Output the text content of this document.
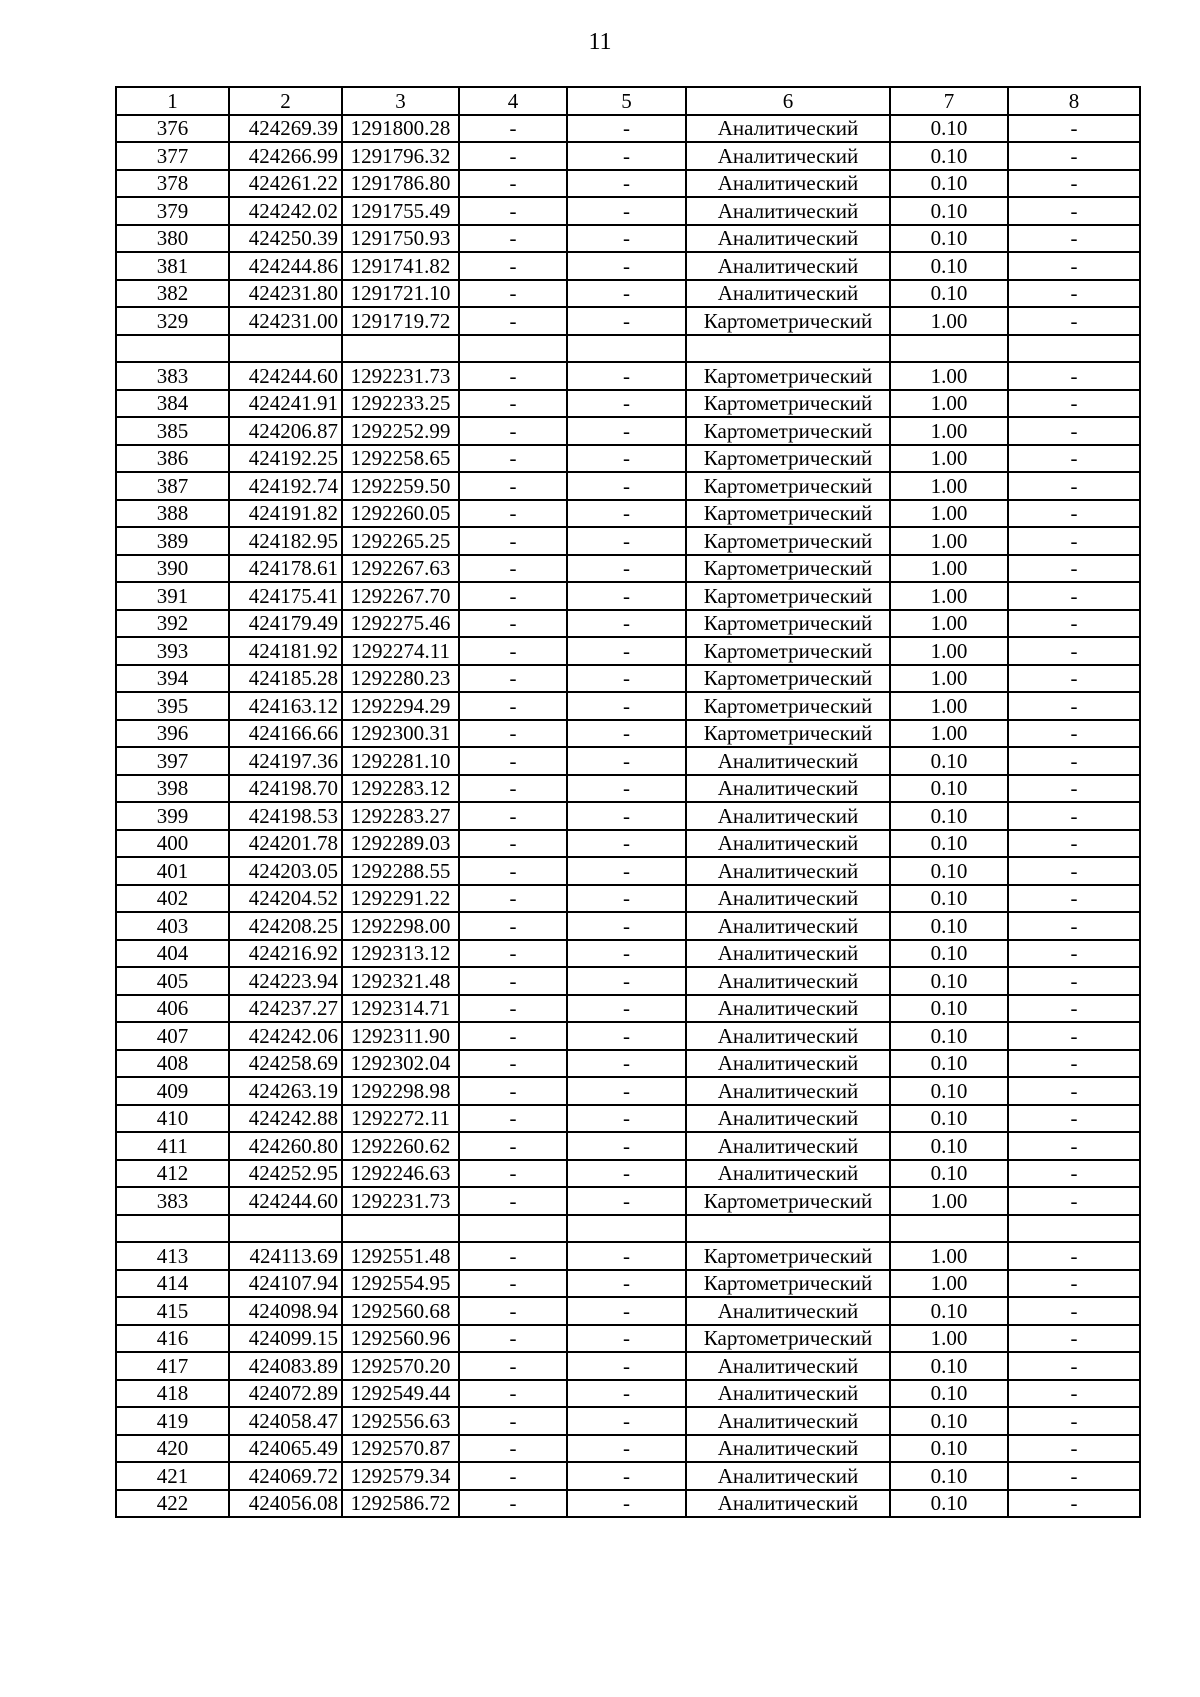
11
1	2	3	4	5	6	7	8
376	424269.39	1291800.28	-	-	Аналитический	0.10	-
377	424266.99	1291796.32	-	-	Аналитический	0.10	-
378	424261.22	1291786.80	-	-	Аналитический	0.10	-
379	424242.02	1291755.49	-	-	Аналитический	0.10	-
380	424250.39	1291750.93	-	-	Аналитический	0.10	-
381	424244.86	1291741.82	-	-	Аналитический	0.10	-
382	424231.80	1291721.10	-	-	Аналитический	0.10	-
329	424231.00	1291719.72	-	-	Картометрический	1.00	-

383	424244.60	1292231.73	-	-	Картометрический	1.00	-
384	424241.91	1292233.25	-	-	Картометрический	1.00	-
385	424206.87	1292252.99	-	-	Картометрический	1.00	-
386	424192.25	1292258.65	-	-	Картометрический	1.00	-
387	424192.74	1292259.50	-	-	Картометрический	1.00	-
388	424191.82	1292260.05	-	-	Картометрический	1.00	-
389	424182.95	1292265.25	-	-	Картометрический	1.00	-
390	424178.61	1292267.63	-	-	Картометрический	1.00	-
391	424175.41	1292267.70	-	-	Картометрический	1.00	-
392	424179.49	1292275.46	-	-	Картометрический	1.00	-
393	424181.92	1292274.11	-	-	Картометрический	1.00	-
394	424185.28	1292280.23	-	-	Картометрический	1.00	-
395	424163.12	1292294.29	-	-	Картометрический	1.00	-
396	424166.66	1292300.31	-	-	Картометрический	1.00	-
397	424197.36	1292281.10	-	-	Аналитический	0.10	-
398	424198.70	1292283.12	-	-	Аналитический	0.10	-
399	424198.53	1292283.27	-	-	Аналитический	0.10	-
400	424201.78	1292289.03	-	-	Аналитический	0.10	-
401	424203.05	1292288.55	-	-	Аналитический	0.10	-
402	424204.52	1292291.22	-	-	Аналитический	0.10	-
403	424208.25	1292298.00	-	-	Аналитический	0.10	-
404	424216.92	1292313.12	-	-	Аналитический	0.10	-
405	424223.94	1292321.48	-	-	Аналитический	0.10	-
406	424237.27	1292314.71	-	-	Аналитический	0.10	-
407	424242.06	1292311.90	-	-	Аналитический	0.10	-
408	424258.69	1292302.04	-	-	Аналитический	0.10	-
409	424263.19	1292298.98	-	-	Аналитический	0.10	-
410	424242.88	1292272.11	-	-	Аналитический	0.10	-
411	424260.80	1292260.62	-	-	Аналитический	0.10	-
412	424252.95	1292246.63	-	-	Аналитический	0.10	-
383	424244.60	1292231.73	-	-	Картометрический	1.00	-

413	424113.69	1292551.48	-	-	Картометрический	1.00	-
414	424107.94	1292554.95	-	-	Картометрический	1.00	-
415	424098.94	1292560.68	-	-	Аналитический	0.10	-
416	424099.15	1292560.96	-	-	Картометрический	1.00	-
417	424083.89	1292570.20	-	-	Аналитический	0.10	-
418	424072.89	1292549.44	-	-	Аналитический	0.10	-
419	424058.47	1292556.63	-	-	Аналитический	0.10	-
420	424065.49	1292570.87	-	-	Аналитический	0.10	-
421	424069.72	1292579.34	-	-	Аналитический	0.10	-
422	424056.08	1292586.72	-	-	Аналитический	0.10	-
